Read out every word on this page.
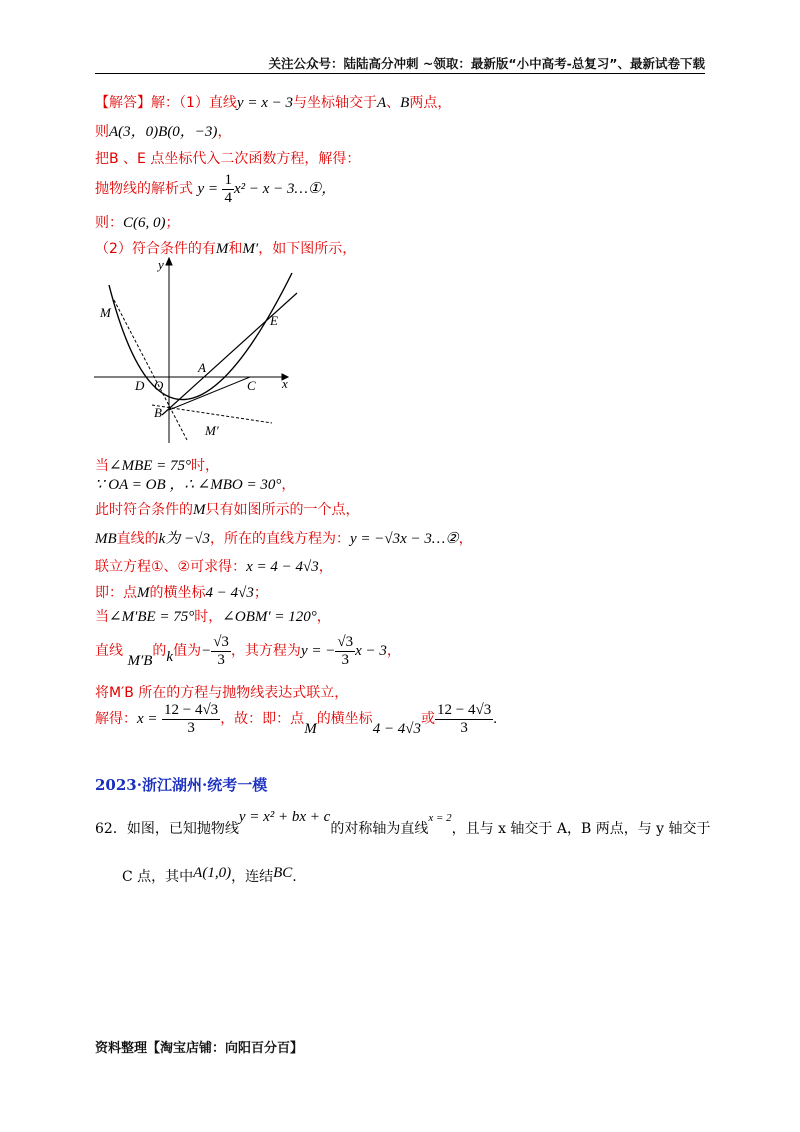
关注公众号：陆陆高分冲刺 ~领取：最新版“小中高考-总复习”、最新试卷下载
【解答】解：（1）直线y = x − 3与坐标轴交于A、B两点，
则A(3，0)B(0，−3)，
把B 、E 点坐标代入二次函数方程，解得：
抛物线的解析式 $y = \frac{1}{4} x^2 - x$ − 3…①，
则：C(6, 0)；
（2）符合条件的有M和M′，如下图所示，
y
x
M
E
A
D O	C
B
M′
当∠MBE = 75°时，
∵ OA = OB ，∴ ∠MBO = 30°，
此时符合条件的M只有如图所示的一个点，
MB直线的k为 −√3，所在的直线方程为：y = −√3x − 3…②，
联立方程①、②可求得：x = 4 − 4√3，
即：点M的横坐标4 − 4√3；
当∠M′BE = 75°时，∠OBM′ = 120°，
直线 M′B的k值为− $\frac{√3}{3}$ ，其方程为y = − $\frac{√3}{3}$ x − 3，
将M′B 所在的方程与抛物线表达式联立，
解得：$x = \frac{12 - 4√3}{3}$ ，故：即：点M的横坐标4 − 4√3或 $\frac{12 - 4√3}{3}$ .
2023·浙江湖州·统考一模
62．如图，已知抛物线y = x² + bx + c的对称轴为直线$^{x = 2}$，且与 x 轴交于 A，B 两点，与 y 轴交于
C 点，其中A(1,0)，连结BC.
资料整理【淘宝店铺：向阳百分百】
